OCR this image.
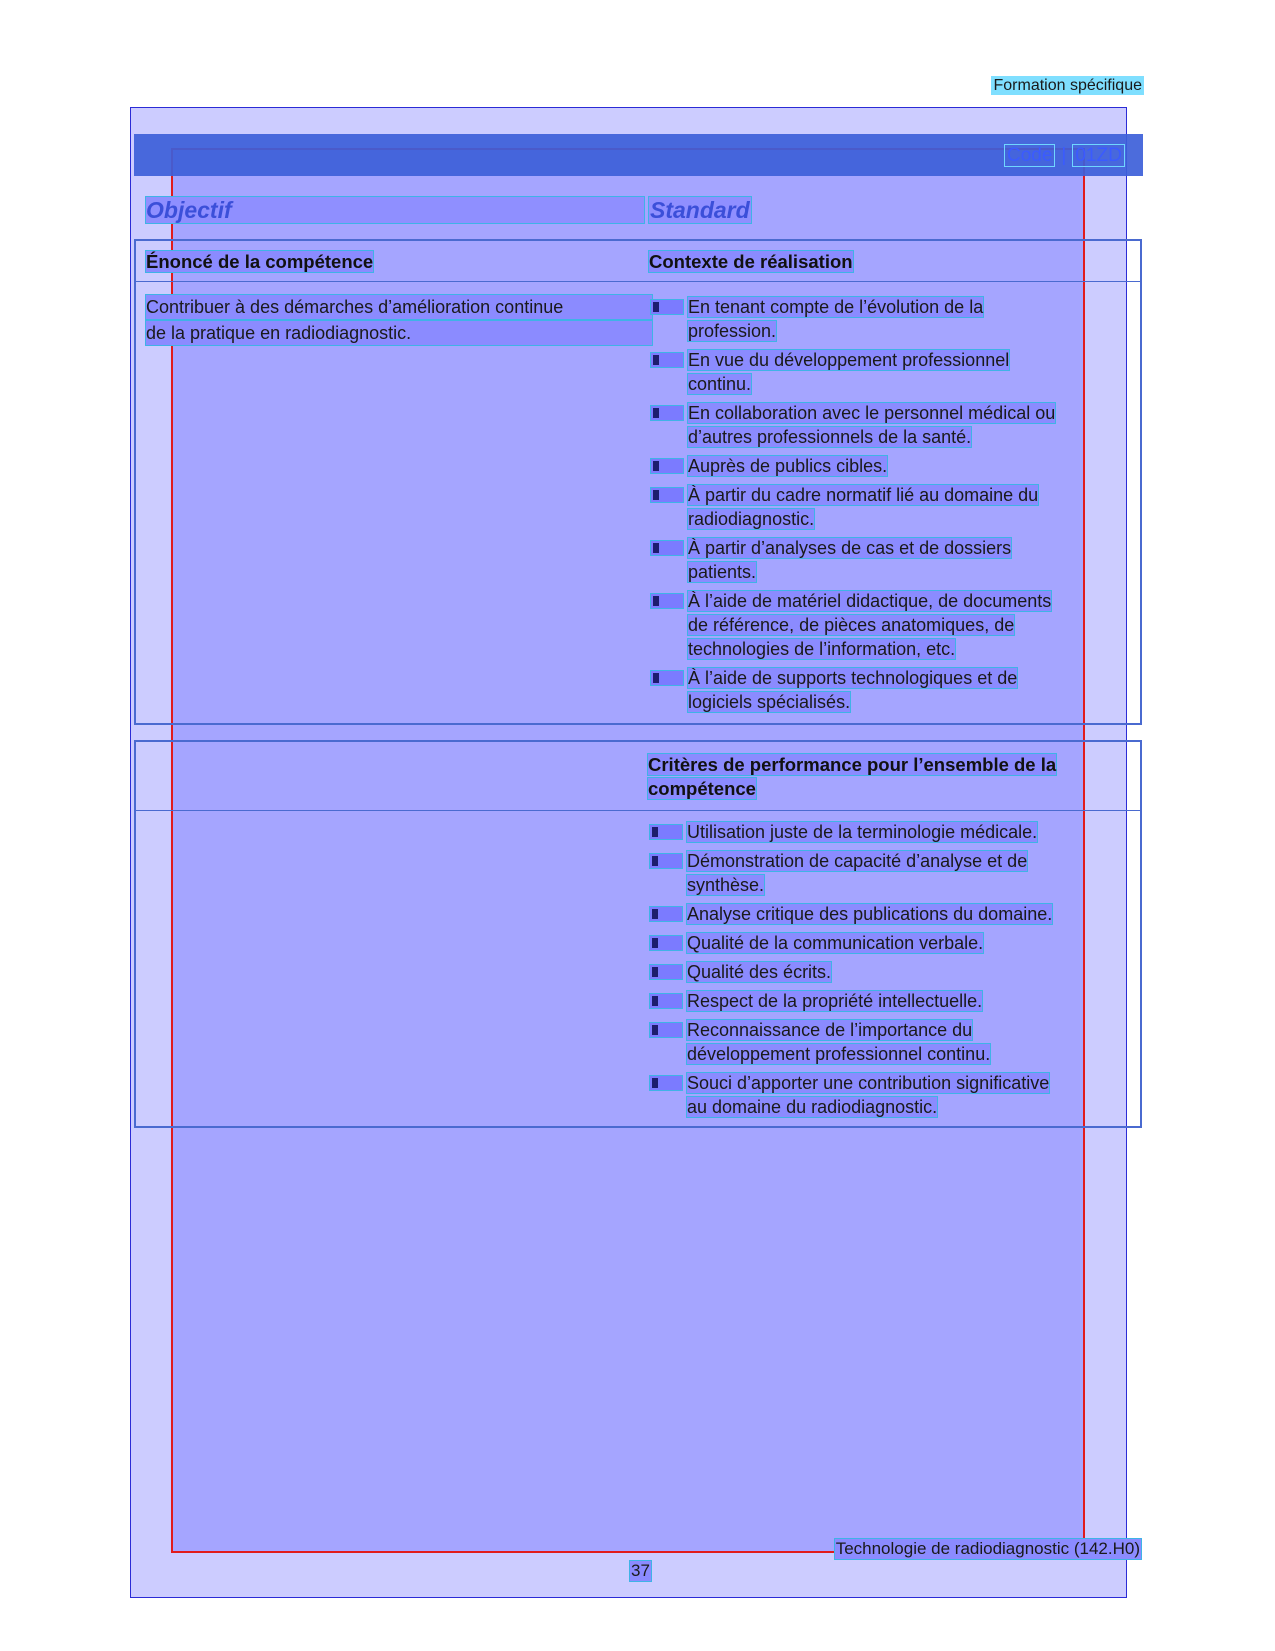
Formation spécifique
Code | 01ZD
Objectif	Standard
Énoncé de la compétence	Contexte de réalisation
Contribuer à des démarches d’amélioration continue
de la pratique en radiodiagnostic.
En tenant compte de l’évolution de la
profession.
En vue du développement professionnel
continu.
En collaboration avec le personnel médical ou
d’autres professionnels de la santé.
Auprès de publics cibles.
À partir du cadre normatif lié au domaine du
radiodiagnostic.
À partir d’analyses de cas et de dossiers
patients.
À l’aide de matériel didactique, de documents
de référence, de pièces anatomiques, de
technologies de l’information, etc.
À l’aide de supports technologiques et de
logiciels spécialisés.
Critères de performance pour l’ensemble de la
compétence
Utilisation juste de la terminologie médicale.
Démonstration de capacité d’analyse et de
synthèse.
Analyse critique des publications du domaine.
Qualité de la communication verbale.
Qualité des écrits.
Respect de la propriété intellectuelle.
Reconnaissance de l’importance du
développement professionnel continu.
Souci d’apporter une contribution significative
au domaine du radiodiagnostic.
Technologie de radiodiagnostic (142.H0)
37
